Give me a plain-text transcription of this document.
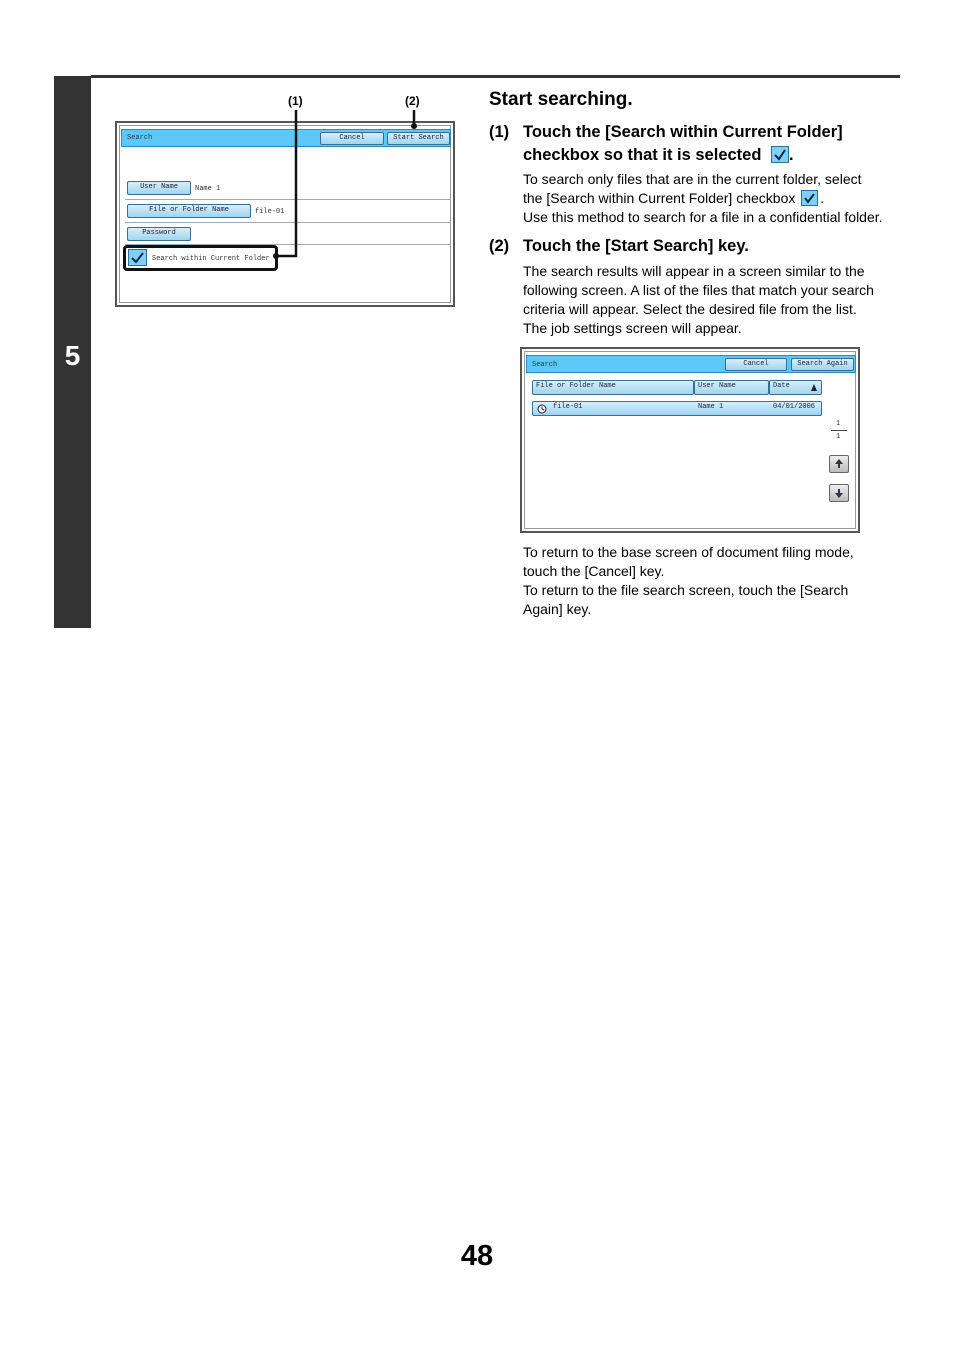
5
(1)	(2)
Search	Cancel	Start Search
User Name	Name 1
File or Folder Name	file-01
Password
Search within Current Folder
Start searching.
(1) Touch the [Search within Current Folder]
checkbox so that it is selected .
To search only files that are in the current folder, select
the [Search within Current Folder] checkbox .
Use this method to search for a file in a confidential folder.
(2) Touch the [Start Search] key.
The search results will appear in a screen similar to the
following screen. A list of the files that match your search
criteria will appear. Select the desired file from the list.
The job settings screen will appear.
Search	Cancel	Search Again
File or Folder Name	User Name	Date
file-01	Name 1	04/01/2006
1
1
To return to the base screen of document filing mode,
touch the [Cancel] key.
To return to the file search screen, touch the [Search
Again] key.
48
